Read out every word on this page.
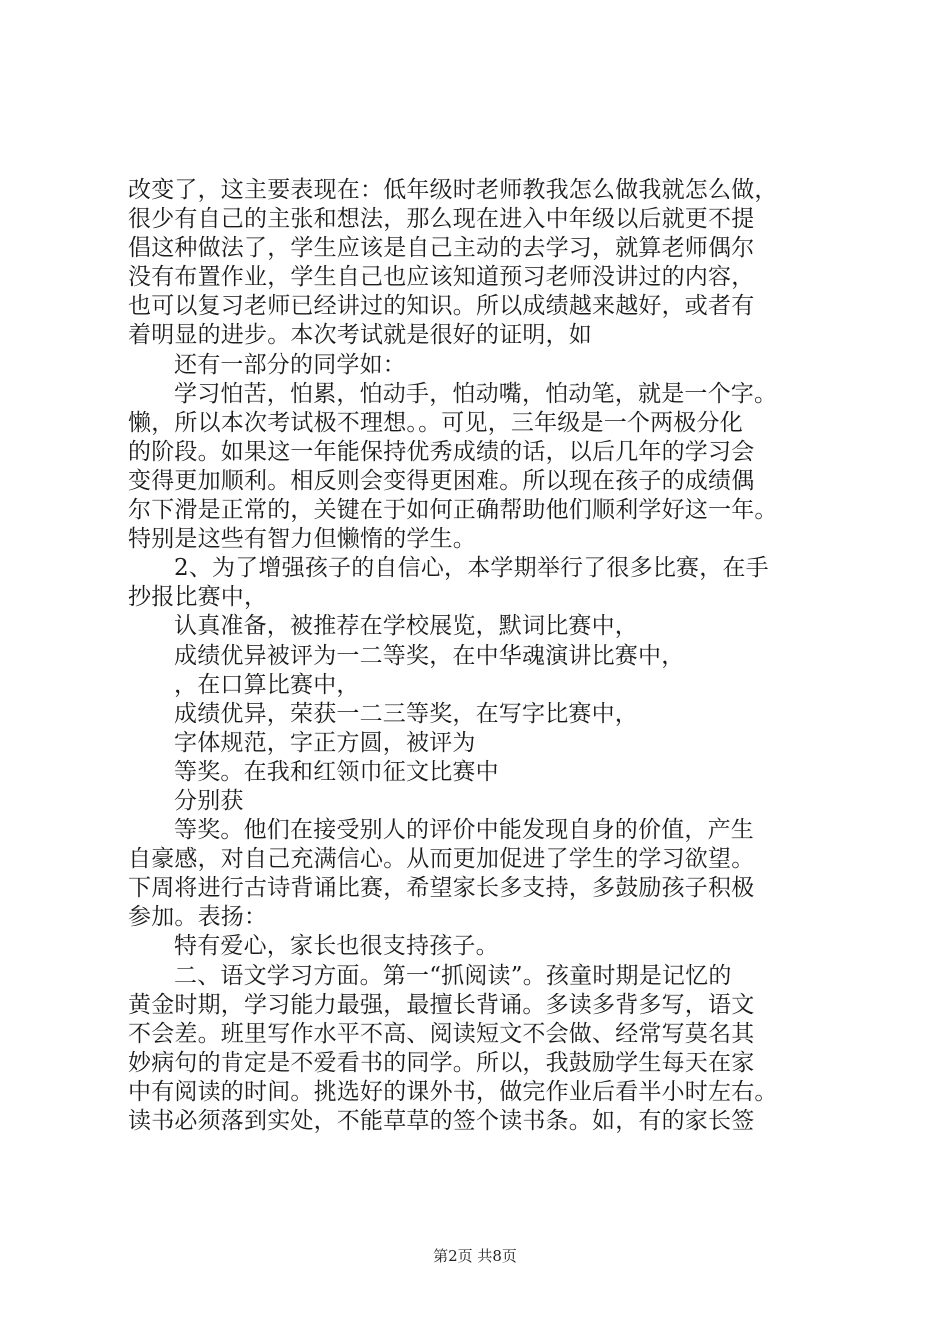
改变了，这主要表现在：低年级时老师教我怎么做我就怎么做，
很少有自己的主张和想法，那么现在进入中年级以后就更不提
倡这种做法了，学生应该是自己主动的去学习，就算老师偶尔
没有布置作业，学生自己也应该知道预习老师没讲过的内容，
也可以复习老师已经讲过的知识。所以成绩越来越好，或者有
着明显的进步。本次考试就是很好的证明，如
还有一部分的同学如：
学习怕苦，怕累，怕动手，怕动嘴，怕动笔，就是一个字。
懒，所以本次考试极不理想。。可见，三年级是一个两极分化
的阶段。如果这一年能保持优秀成绩的话，以后几年的学习会
变得更加顺利。相反则会变得更困难。所以现在孩子的成绩偶
尔下滑是正常的，关键在于如何正确帮助他们顺利学好这一年。
特别是这些有智力但懒惰的学生。
2、为了增强孩子的自信心，本学期举行了很多比赛，在手
抄报比赛中，
认真准备，被推荐在学校展览，默词比赛中，
成绩优异被评为一二等奖，在中华魂演讲比赛中，
，在口算比赛中，
成绩优异，荣获一二三等奖，在写字比赛中，
字体规范，字正方圆，被评为
等奖。在我和红领巾征文比赛中
分别获
等奖。他们在接受别人的评价中能发现自身的价值，产生
自豪感，对自己充满信心。从而更加促进了学生的学习欲望。
下周将进行古诗背诵比赛，希望家长多支持，多鼓励孩子积极
参加。表扬：
特有爱心，家长也很支持孩子。
二、语文学习方面。第一“抓阅读”。孩童时期是记忆的
黄金时期，学习能力最强，最擅长背诵。多读多背多写，语文
不会差。班里写作水平不高、阅读短文不会做、经常写莫名其
妙病句的肯定是不爱看书的同学。所以，我鼓励学生每天在家
中有阅读的时间。挑选好的课外书，做完作业后看半小时左右。
读书必须落到实处，不能草草的签个读书条。如，有的家长签
第2页 共8页
